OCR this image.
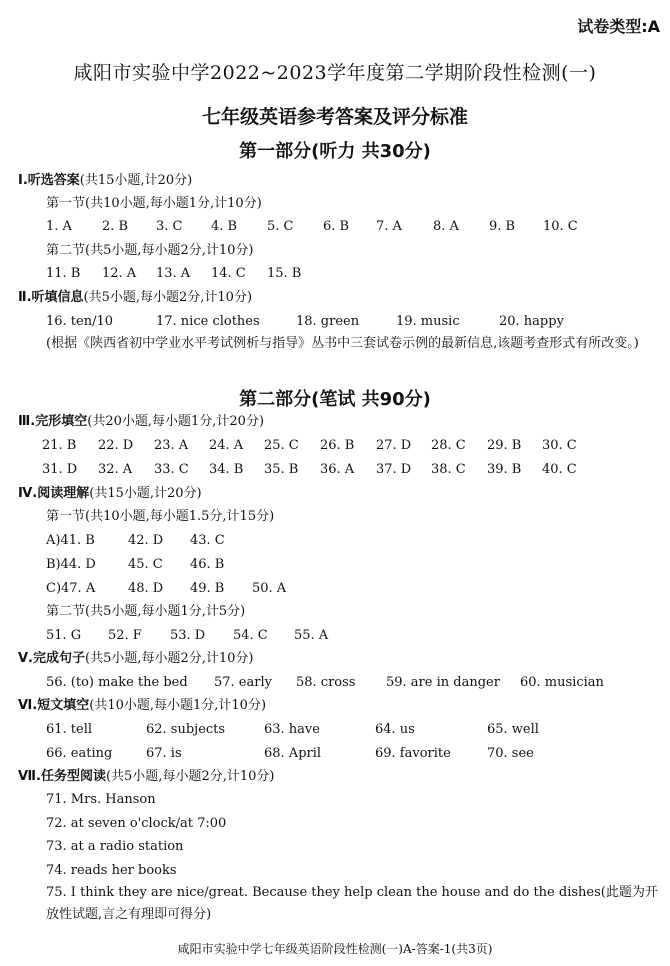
试卷类型:A
咸阳市实验中学2022~2023学年度第二学期阶段性检测(一)
七年级英语参考答案及评分标准
第一部分(听力 共30分)
Ⅰ.听选答案(共15小题,计20分)
第一节(共10小题,每小题1分,计10分)
1. A 2. B 3. C 4. B 5. C 6. B 7. A 8. A 9. B 10. C
第二节(共5小题,每小题2分,计10分)
11. B 12. A 13. A 14. C 15. B
Ⅱ.听填信息(共5小题,每小题2分,计10分)
16. ten/10	17. nice clothes	18. green	19. music	20. happy
(根据《陕西省初中学业水平考试例析与指导》丛书中三套试卷示例的最新信息,该题考查形式有所改变。)
第二部分(笔试 共90分)
Ⅲ.完形填空(共20小题,每小题1分,计20分)
21. B 22. D 23. A 24. A 25. C 26. B 27. D 28. C 29. B 30. C
31. D 32. A 33. C 34. B 35. B 36. A 37. D 38. C 39. B 40. C
Ⅳ.阅读理解(共15小题,计20分)
第一节(共10小题,每小题1.5分,计15分)
A)41. B	42. D 43. C
B)44. D 45. C 46. B
C)47. A	48. D 49. B 50. A
第二节(共5小题,每小题1分,计5分)
51. G 52. F 53. D 54. C 55. A
Ⅴ.完成句子(共5小题,每小题2分,计10分)
56. (to) make the bed 57. early 58. cross 59. are in danger 60. musician
Ⅵ.短文填空(共10小题,每小题1分,计10分)
61. tell	62. subjects	63. have	64. us	65. well
66. eating	67. is	68. April	69. favorite	70. see
Ⅶ.任务型阅读(共5小题,每小题2分,计10分)
71. Mrs. Hanson
72. at seven o'clock/at 7:00
73. at a radio station
74. reads her books
75. I think they are nice/great. Because they help clean the house and do the dishes(此题为开放性试题,言之有理即可得分)
咸阳市实验中学七年级英语阶段性检测(一)A-答案-1(共3页)
